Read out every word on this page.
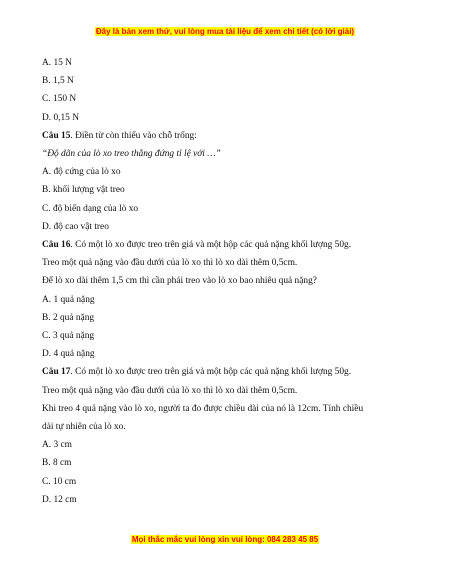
Đây là bản xem thử, vui lòng mua tài liệu để xem chi tiết (có lời giải)
A. 15 N
B. 1,5 N
C. 150 N
D. 0,15 N
Câu 15. Điền từ còn thiếu vào chỗ trống:
“Độ dãn của lò xo treo thẳng đứng tỉ lệ với …”
A. độ cứng của lò xo
B. khối lượng vật treo
C. độ biến dạng của lò xo
D. độ cao vật treo
Câu 16. Có một lò xo được treo trên giá và một hộp các quả nặng khối lượng 50g.
Treo một quả nặng vào đầu dưới của lò xo thì lò xo dài thêm 0,5cm.
Để lò xo dài thêm 1,5 cm thì cần phải treo vào lò xo bao nhiêu quả nặng?
A. 1 quả nặng
B. 2 quả nặng
C. 3 quả nặng
D. 4 quả nặng
Câu 17. Có một lò xo được treo trên giá và một hộp các quả nặng khối lượng 50g.
Treo một quả nặng vào đầu dưới của lò xo thì lò xo dài thêm 0,5cm.
Khi treo 4 quả nặng vào lò xo, người ta đo được chiều dài của nó là 12cm. Tính chiều
dài tự nhiên của lò xo.
A. 3 cm
B. 8 cm
C. 10 cm
D. 12 cm
Mọi thắc mắc vui lòng xin vui lòng: 084 283 45 85
